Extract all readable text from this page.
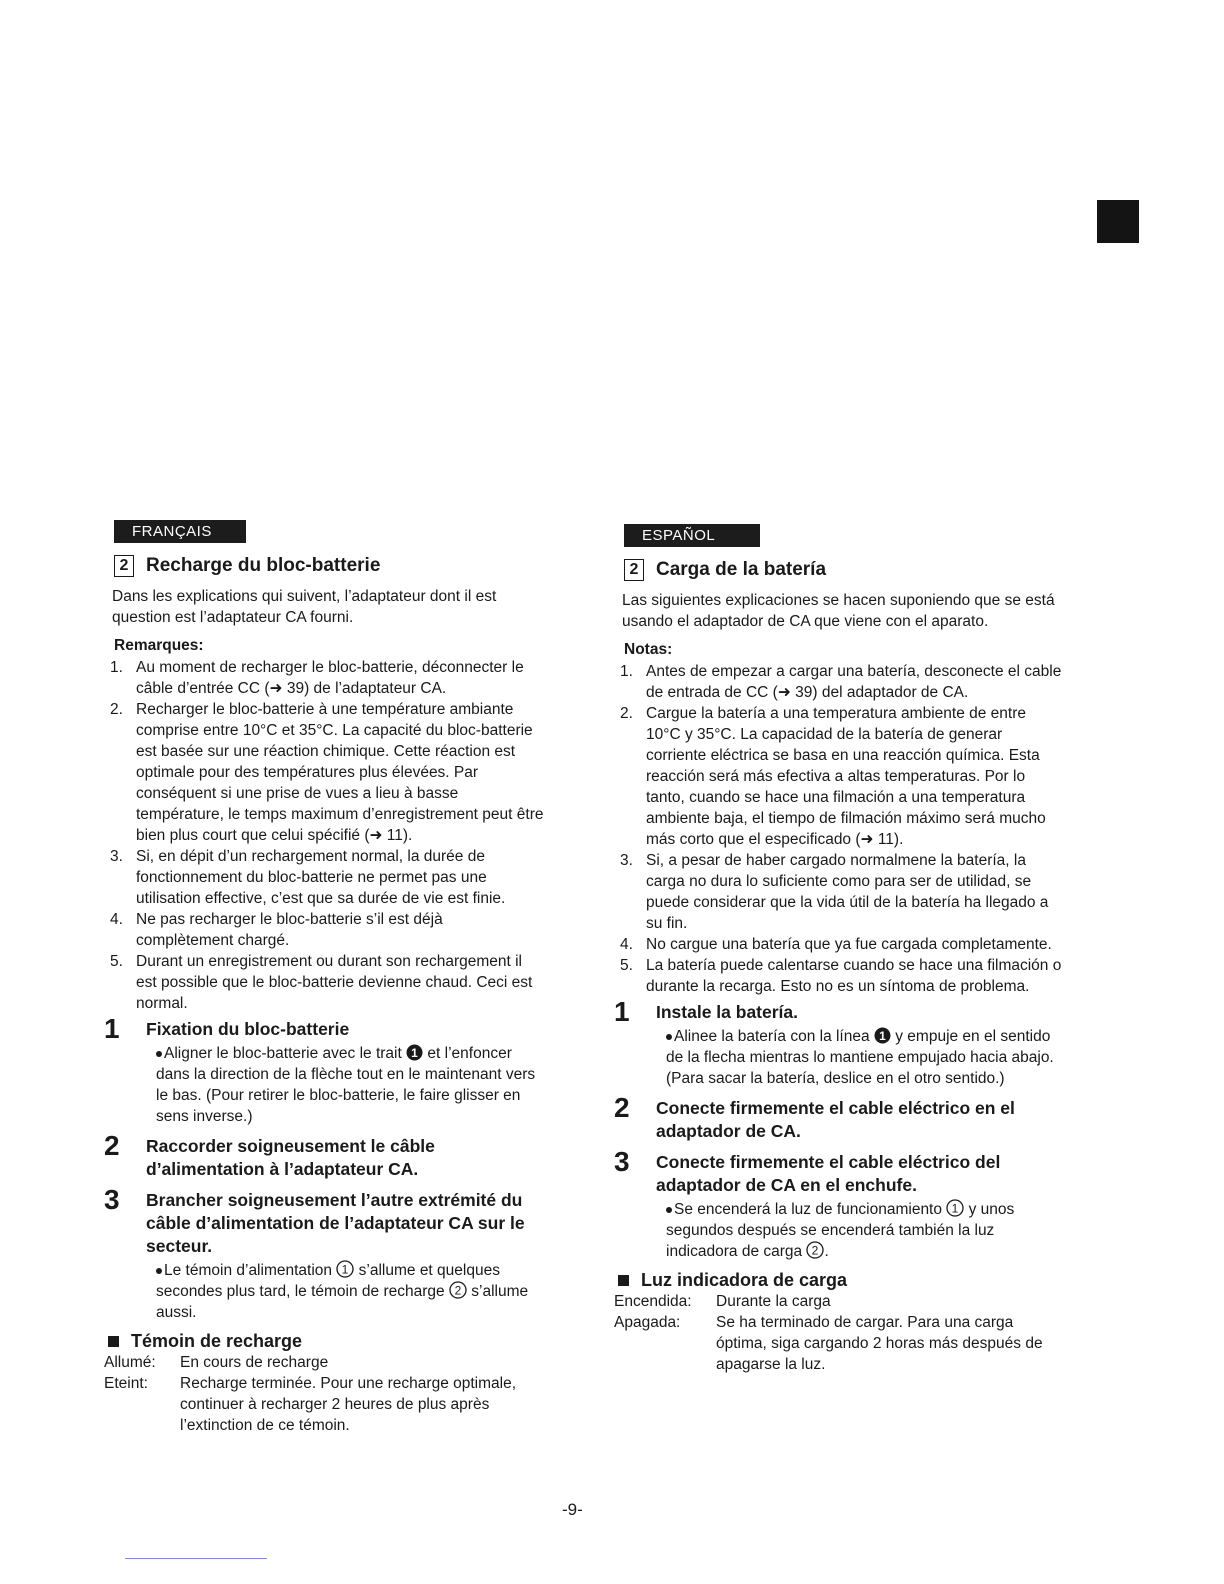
FRANÇAIS
2 Recharge du bloc-batterie

Dans les explications qui suivent, l’adaptateur dont il est question est l’adaptateur CA fourni.

Remarques:
1. Au moment de recharger le bloc-batterie, déconnecter le câble d’entrée CC (➜ 39) de l’adaptateur CA.
2. Recharger le bloc-batterie à une température ambiante comprise entre 10°C et 35°C. La capacité du bloc-batterie est basée sur une réaction chimique. Cette réaction est optimale pour des températures plus élevées. Par conséquent si une prise de vues a lieu à basse température, le temps maximum d’enregistrement peut être bien plus court que celui spécifié (➜ 11).
3. Si, en dépit d’un rechargement normal, la durée de fonctionnement du bloc-batterie ne permet pas une utilisation effective, c’est que sa durée de vie est finie.
4. Ne pas recharger le bloc-batterie s’il est déjà complètement chargé.
5. Durant un enregistrement ou durant son rechargement il est possible que le bloc-batterie devienne chaud. Ceci est normal.
1 Fixation du bloc-batterie
Aligner le bloc-batterie avec le trait 1 et l’enfoncer dans la direction de la flèche tout en le maintenant vers le bas. (Pour retirer le bloc-batterie, le faire glisser en sens inverse.)
2 Raccorder soigneusement le câble d’alimentation à l’adaptateur CA.
3 Brancher soigneusement l’autre extrémité du câble d’alimentation de l’adaptateur CA sur le secteur.
Le témoin d’alimentation 1 s’allume et quelques secondes plus tard, le témoin de recharge 2 s’allume aussi.
Témoin de recharge
Allumé:	En cours de recharge
Eteint:	Recharge terminée. Pour une recharge optimale, continuer à recharger 2 heures de plus après l’extinction de ce témoin.
ESPAÑOL
2 Carga de la batería

Las siguientes explicaciones se hacen suponiendo que se está usando el adaptador de CA que viene con el aparato.

Notas:
1. Antes de empezar a cargar una batería, desconecte el cable de entrada de CC (➜ 39) del adaptador de CA.
2. Cargue la batería a una temperatura ambiente de entre 10°C y 35°C. La capacidad de la batería de generar corriente eléctrica se basa en una reacción química. Esta reacción será más efectiva a altas temperaturas. Por lo tanto, cuando se hace una filmación a una temperatura ambiente baja, el tiempo de filmación máximo será mucho más corto que el especificado (➜ 11).
3. Si, a pesar de haber cargado normalmene la batería, la carga no dura lo suficiente como para ser de utilidad, se puede considerar que la vida útil de la batería ha llegado a su fin.
4. No cargue una batería que ya fue cargada completamente.
5. La batería puede calentarse cuando se hace una filmación o durante la recarga. Esto no es un síntoma de problema.
1 Instale la batería.
Alinee la batería con la línea 1 y empuje en el sentido de la flecha mientras lo mantiene empujado hacia abajo. (Para sacar la batería, deslice en el otro sentido.)
2 Conecte firmemente el cable eléctrico en el adaptador de CA.
3 Conecte firmemente el cable eléctrico del adaptador de CA en el enchufe.
Se encenderá la luz de funcionamiento 1 y unos segundos después se encenderá también la luz indicadora de carga 2 .
Luz indicadora de carga
Encendida:	Durante la carga
Apagada:	Se ha terminado de cargar. Para una carga óptima, siga cargando 2 horas más después de apagarse la luz.
-9-
